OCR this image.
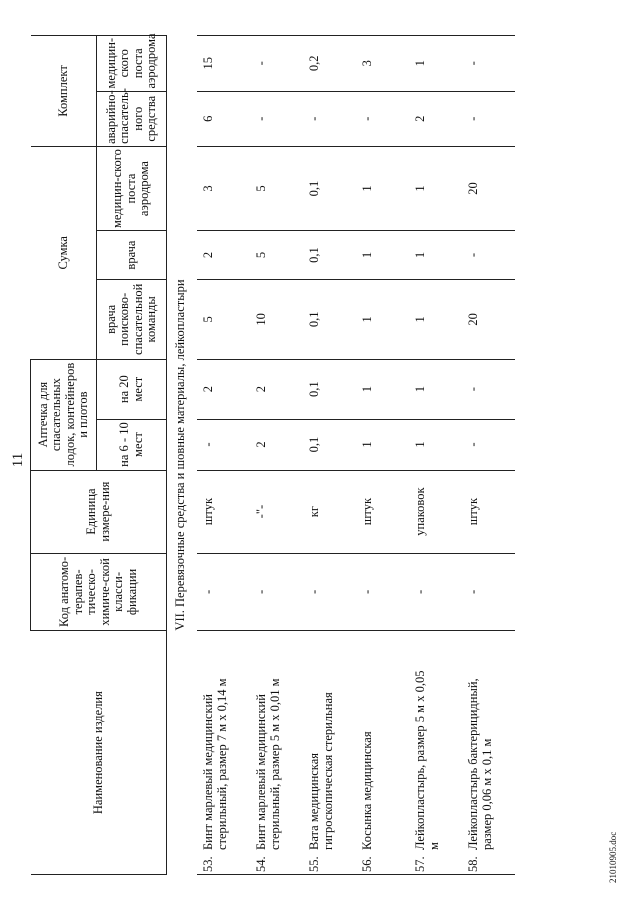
11
Наименование изделия	Код анатомо-терапев-тическо-химиче-ской класси-фикации	Единица измере-ния	Аптечка для спасательных лодок, контейнеров и плотов		Сумка			Комплект	
			на 6 - 10 мест	на 20 мест	врача поисково-спасательной команды	врача	медицин-ского поста аэродрома	аварийно-спасатель-ного средства	медицин-ского поста аэродрома
VII. Перевязочные средства и шовные материалы, лейкопластыри									
53.Бинт марлевый медицинский стерильный, размер 7 м х 0,14 м	-	штук	-	2	5	2	3	6	15
54.Бинт марлевый медицинский стерильный, размер 5 м х 0,01 м	-	-"-	2	2	10	5	5	-	-
55.Вата медицинская гигроскопическая стерильная	-	кг	0,1	0,1	0,1	0,1	0,1	-	0,2
56.Косынка медицинская	-	штук	1	1	1	1	1	-	3
57.Лейкопластырь, размер 5 м х 0,05 м	-	упаковок	1	1	1	1	1	2	1
58.Лейкопластырь бактерицидный, размер 0,06 м х 0,1 м	-	штук	-	-	20	-	20	-	-
21010905.doc
